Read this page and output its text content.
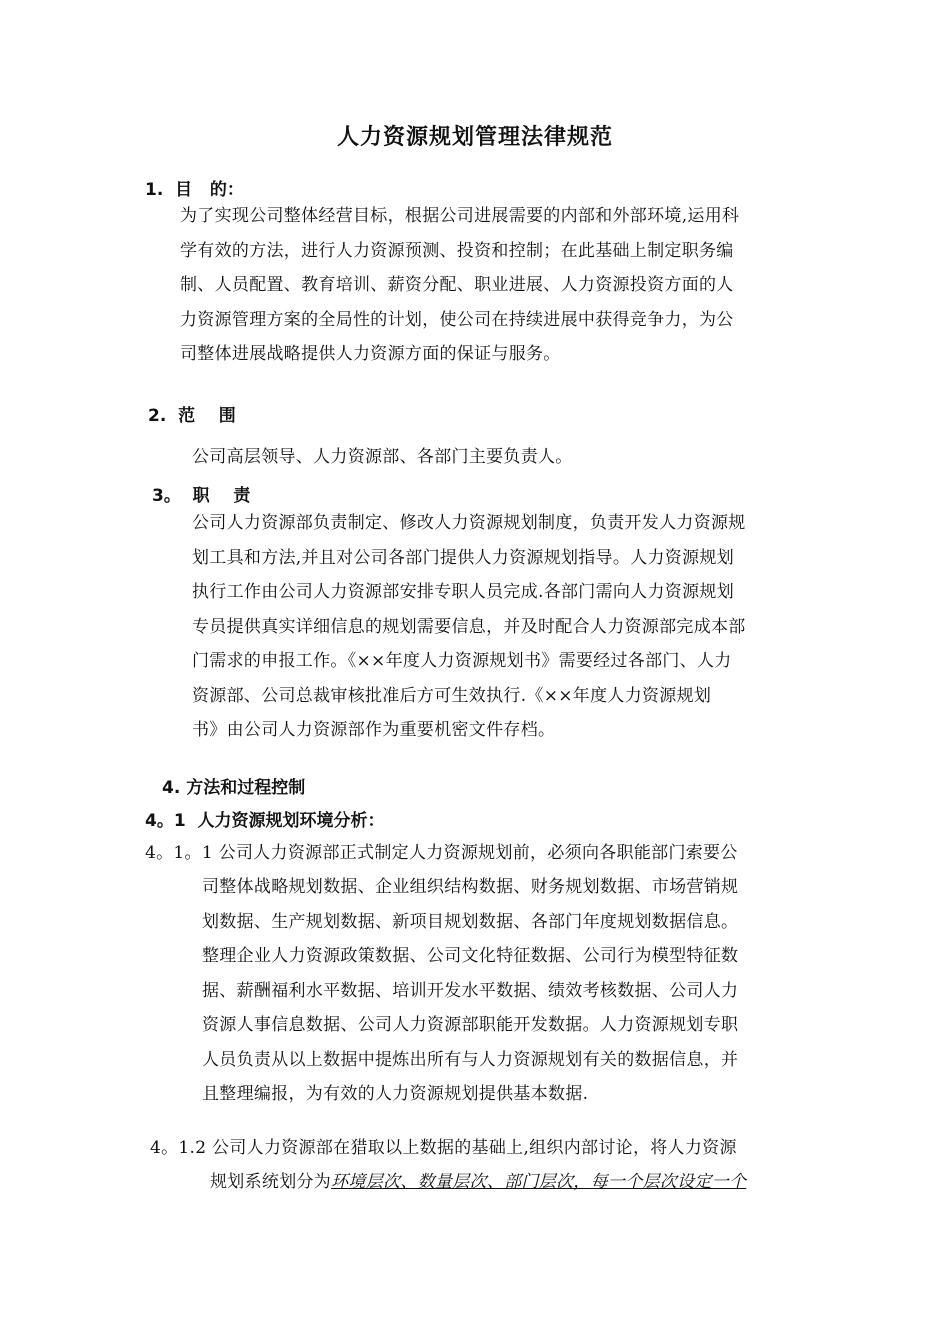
人力资源规划管理法律规范
1.  目   的：
为了实现公司整体经营目标，根据公司进展需要的内部和外部环境,运用科
学有效的方法，进行人力资源预测、投资和控制；在此基础上制定职务编
制、人员配置、教育培训、薪资分配、职业进展、人力资源投资方面的人
力资源管理方案的全局性的计划，使公司在持续进展中获得竞争力，为公
司整体进展战略提供人力资源方面的保证与服务。
2.  范    围
公司高层领导、人力资源部、各部门主要负责人。
3。  职    责
公司人力资源部负责制定、修改人力资源规划制度，负责开发人力资源规
划工具和方法,并且对公司各部门提供人力资源规划指导。人力资源规划
执行工作由公司人力资源部安排专职人员完成.各部门需向人力资源规划
专员提供真实详细信息的规划需要信息，并及时配合人力资源部完成本部
门需求的申报工作。《××年度人力资源规划书》需要经过各部门、人力
资源部、公司总裁审核批准后方可生效执行.《××年度人力资源规划
书》由公司人力资源部作为重要机密文件存档。
4. 方法和过程控制
4。1  人力资源规划环境分析：
4。1。1 公司人力资源部正式制定人力资源规划前，必须向各职能部门索要公
司整体战略规划数据、企业组织结构数据、财务规划数据、市场营销规
划数据、生产规划数据、新项目规划数据、各部门年度规划数据信息。
整理企业人力资源政策数据、公司文化特征数据、公司行为模型特征数
据、薪酬福利水平数据、培训开发水平数据、绩效考核数据、公司人力
资源人事信息数据、公司人力资源部职能开发数据。人力资源规划专职
人员负责从以上数据中提炼出所有与人力资源规划有关的数据信息，并
且整理编报，为有效的人力资源规划提供基本数据.
4。1.2 公司人力资源部在猎取以上数据的基础上,组织内部讨论，将人力资源
规划系统划分为环境层次、数量层次、部门层次，每一个层次设定一个
